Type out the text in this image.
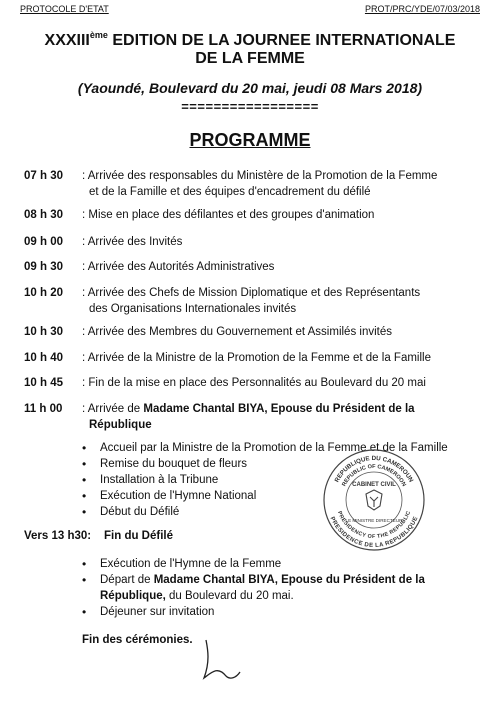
PROTOCOLE D'ETAT	PROT/PRC/YDE/07/03/2018
XXXIIIème EDITION DE LA JOURNEE INTERNATIONALE
DE LA FEMME
(Yaoundé, Boulevard du 20 mai, jeudi 08 Mars 2018)
=================
PROGRAMME
07 h 30 : Arrivée des responsables du Ministère de la Promotion de la Femme
et de la Famille et des équipes d'encadrement du défilé
08 h 30 : Mise en place des défilantes et des groupes d'animation
09 h 00 : Arrivée des Invités
09 h 30 : Arrivée des Autorités Administratives
10 h 20 : Arrivée des Chefs de Mission Diplomatique et des Représentants
des Organisations Internationales invités
10 h 30 : Arrivée des Membres du Gouvernement et Assimilés invités
10 h 40 : Arrivée de la Ministre de la Promotion de la Femme et de la Famille
10 h 45 : Fin de la mise en place des Personnalités au Boulevard du 20 mai
11 h 00 : Arrivée de Madame Chantal BIYA, Epouse du Président de la
République
• Accueil par la Ministre de la Promotion de la Femme et de la Famille
• Remise du bouquet de fleurs
• Installation à la Tribune
• Exécution de l'Hymne National
• Début du Défilé
REPUBLIQUE DU CAMEROUN
REPUBLIC OF CAMEROON
PRESIDENCE DE LA REPUBLIQUE
PRESIDENCY OF THE REPUBLIC
CABINET CIVIL
LE MINISTRE DIRECTEUR
Vers 13 h30: Fin du Défilé
• Exécution de l'Hymne de la Femme
• Départ de Madame Chantal BIYA, Epouse du Président de la
République, du Boulevard du 20 mai.
• Déjeuner sur invitation
Fin des cérémonies.
